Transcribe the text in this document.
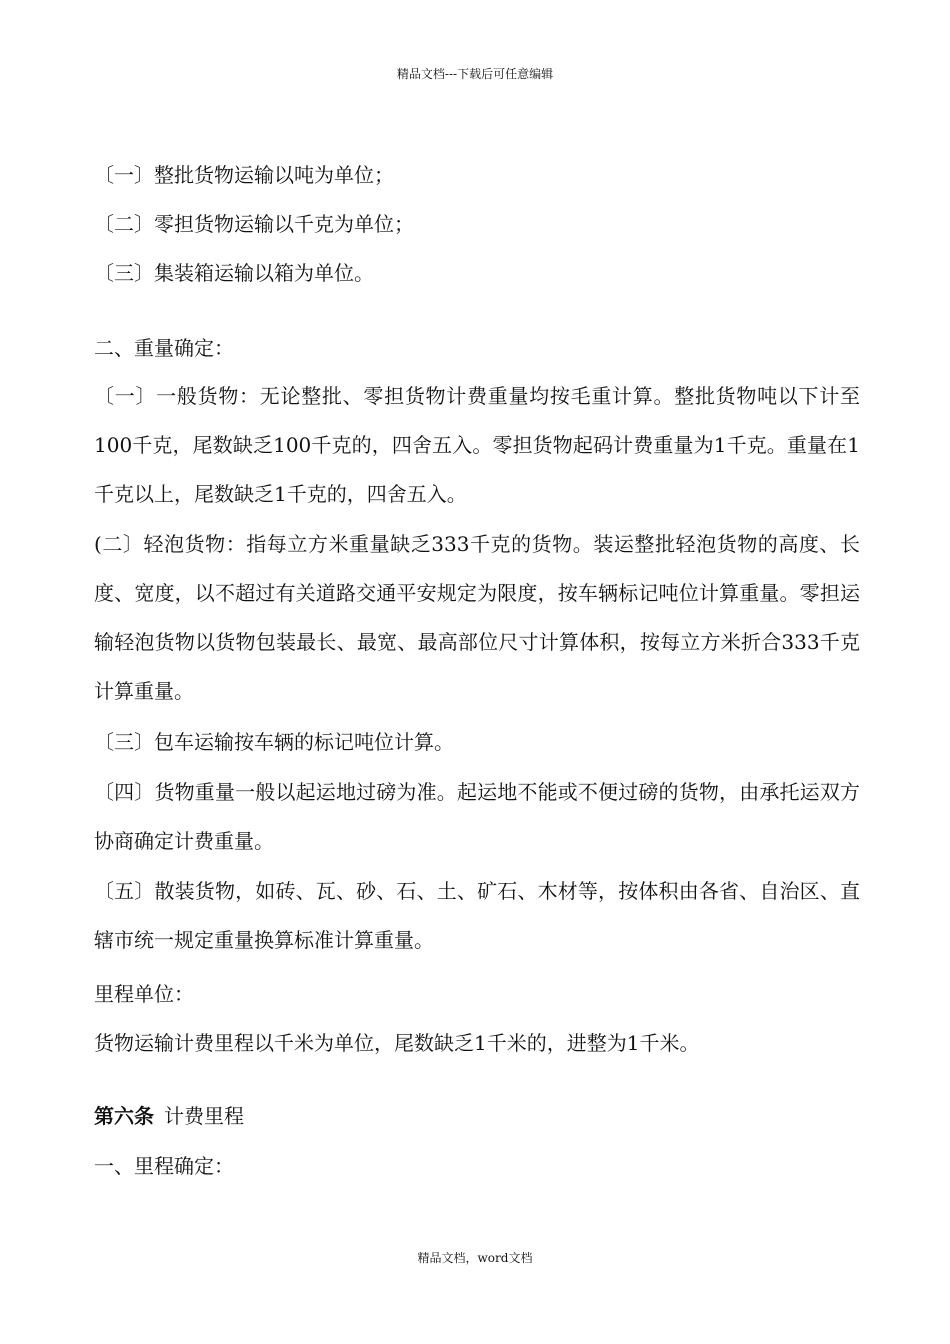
精品文档---下载后可任意编辑
〔一〕整批货物运输以吨为单位；
〔二〕零担货物运输以千克为单位；
〔三〕集装箱运输以箱为单位。
二、重量确定：
〔一〕一般货物：无论整批、零担货物计费重量均按毛重计算。整批货物吨以下计至100千克，尾数缺乏100千克的，四舍五入。零担货物起码计费重量为1千克。重量在1千克以上，尾数缺乏1千克的，四舍五入。
(二〕轻泡货物：指每立方米重量缺乏333千克的货物。装运整批轻泡货物的高度、长度、宽度，以不超过有关道路交通平安规定为限度，按车辆标记吨位计算重量。零担运输轻泡货物以货物包装最长、最宽、最高部位尺寸计算体积，按每立方米折合333千克计算重量。
〔三〕包车运输按车辆的标记吨位计算。
〔四〕货物重量一般以起运地过磅为准。起运地不能或不便过磅的货物，由承托运双方协商确定计费重量。
〔五〕散装货物，如砖、瓦、砂、石、土、矿石、木材等，按体积由各省、自治区、直辖市统一规定重量换算标准计算重量。
里程单位：
货物运输计费里程以千米为单位，尾数缺乏1千米的，进整为1千米。
第六条 计费里程
一、里程确定：
精品文档，word文档
